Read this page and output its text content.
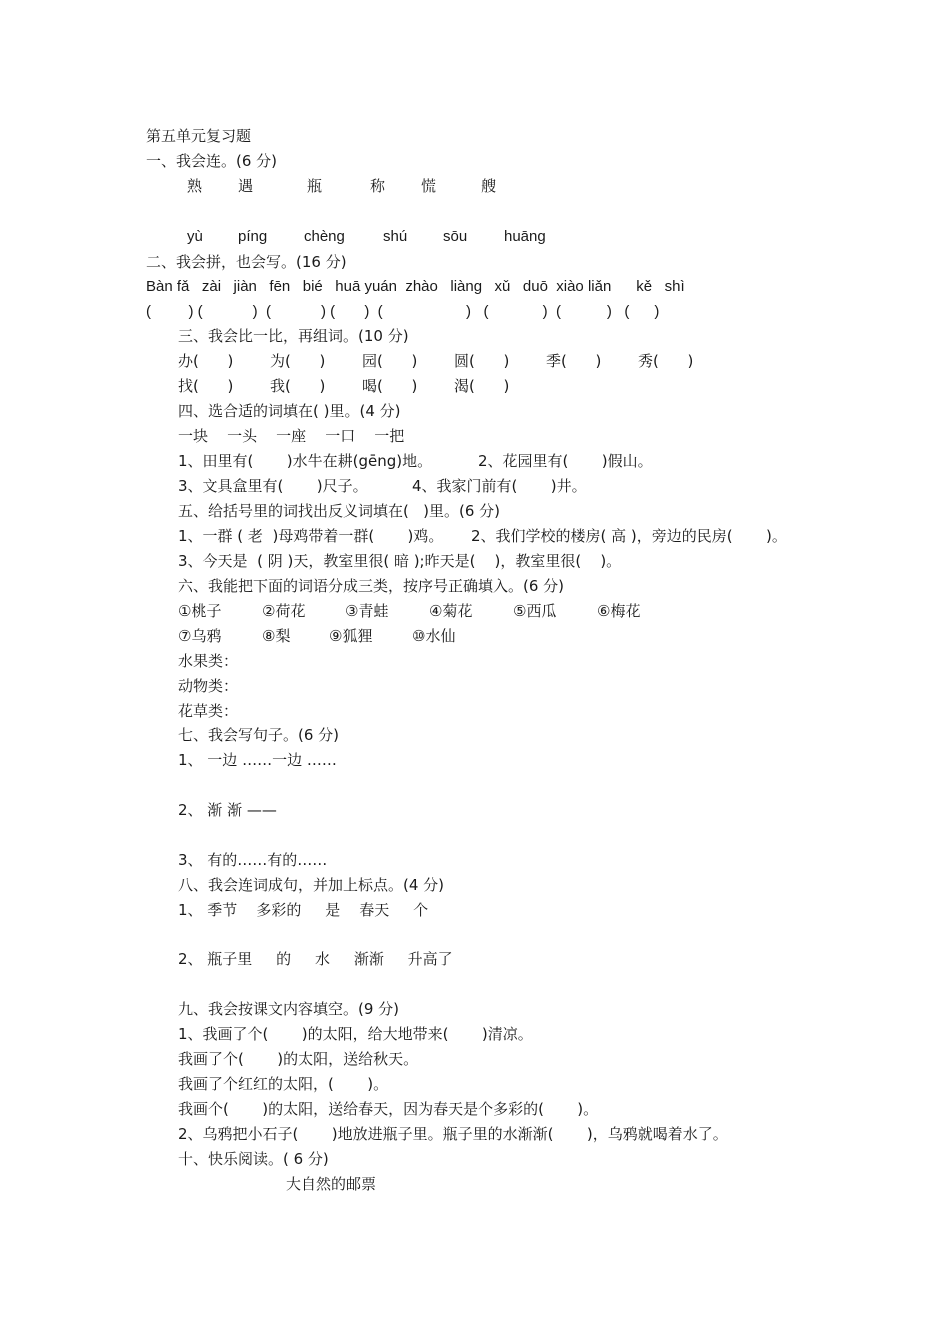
第五单元复习题
一、我会连。(6 分)
熟 遇	瓶	称 慌	艘
yù píng chèng	shú sōu huāng
二、我会拼，也会写。(16 分)
Bàn fǎ   zài   jiàn   fēn   bié   huā yuán  zhào   liàng   xǔ   duō  xiào liǎn      kě   shì
(         ) (            )  (            ) (       )  (                    )   (             )  (           )   (      )
三、我会比一比，再组词。(10 分)
办(      ) 为(      ) 园(      ) 圆(      ) 季(      ) 秀(      )
找(      ) 我(      ) 喝(      ) 渴(      )
四、选合适的词填在( )里。(4 分)
一块    一头    一座    一口    一把
1、田里有(       )水牛在耕(gēng)地。	2、花园里有(       )假山。
3、文具盒里有(       )尺子。	4、我家门前有(       )井。
五、给括号里的词找出反义词填在(   )里。(6 分)
1、一群 ( 老  )母鸡带着一群(       )鸡。 2、我们学校的楼房( 高 )，旁边的民房(       )。
3、今天是  ( 阴 )天，教室里很( 暗 );昨天是(    )，教室里很(    )。
六、我能把下面的词语分成三类，按序号正确填入。(6 分)
①桃子	②荷花	③青蛙	④菊花	⑤西瓜	⑥梅花
⑦乌鸦	⑧梨	⑨狐狸	⑩水仙
水果类：
动物类：
花草类：
七、我会写句子。(6 分)
1、 一边 ……一边 ……
2、 渐 渐 ——
3、 有的……有的……
八、我会连词成句，并加上标点。(4 分)
1、 季节    多彩的     是    春天     个
2、 瓶子里     的     水     渐渐     升高了
九、我会按课文内容填空。(9 分)
1、我画了个(       )的太阳，给大地带来(       )清凉。
我画了个(       )的太阳，送给秋天。
我画了个红红的太阳，(       )。
我画个(       )的太阳，送给春天，因为春天是个多彩的(       )。
2、乌鸦把小石子(       )地放进瓶子里。瓶子里的水渐渐(       )，乌鸦就喝着水了。
十、快乐阅读。( 6 分)
大自然的邮票
